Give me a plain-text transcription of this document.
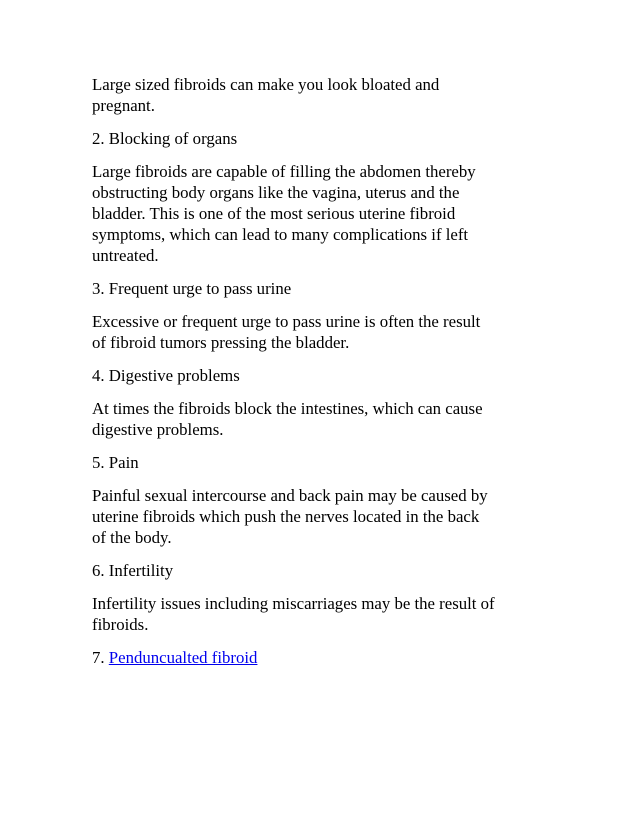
Large sized fibroids can make you look bloated and
pregnant.

2. Blocking of organs

Large fibroids are capable of filling the abdomen thereby
obstructing body organs like the vagina, uterus and the
bladder. This is one of the most serious uterine fibroid
symptoms, which can lead to many complications if left
untreated.

3. Frequent urge to pass urine

Excessive or frequent urge to pass urine is often the result
of fibroid tumors pressing the bladder.

4. Digestive problems

At times the fibroids block the intestines, which can cause
digestive problems.

5. Pain

Painful sexual intercourse and back pain may be caused by
uterine fibroids which push the nerves located in the back
of the body.

6. Infertility

Infertility issues including miscarriages may be the result of
fibroids.

7. Penduncualted fibroid
